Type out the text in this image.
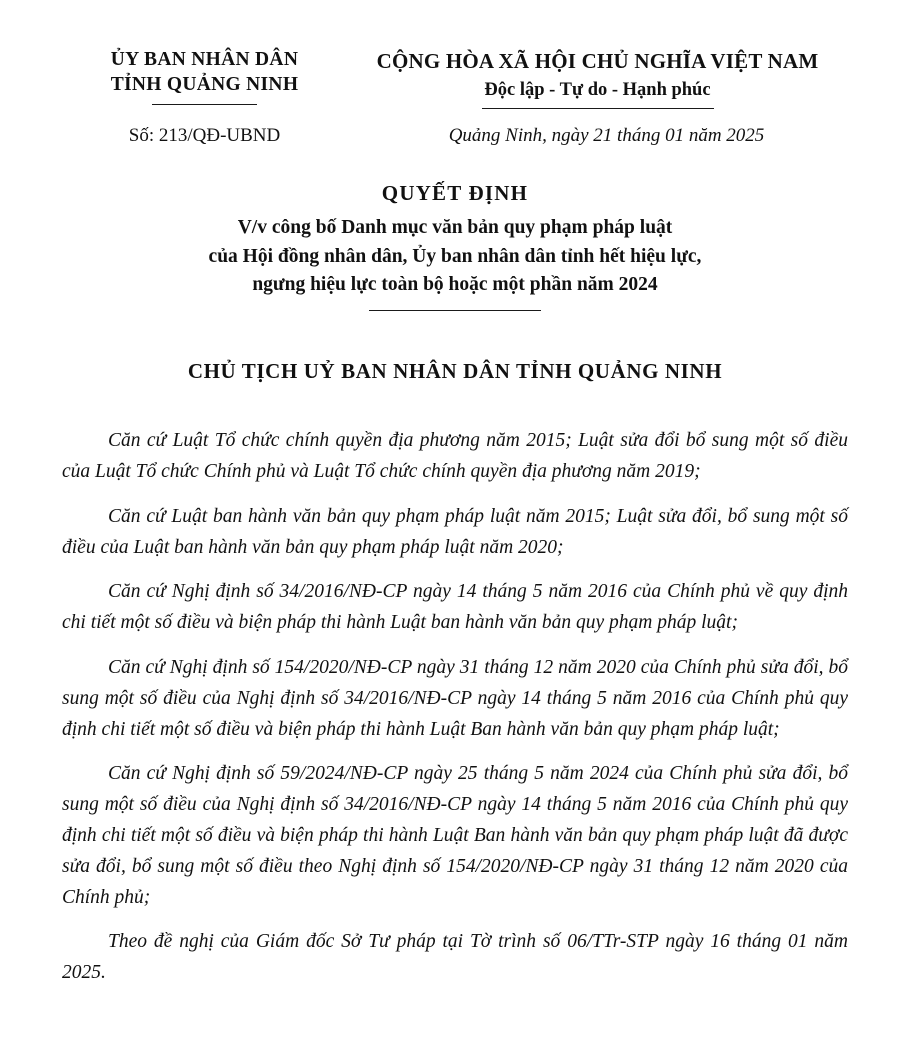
ỦY BAN NHÂN DÂN
TỈNH QUẢNG NINH
CỘNG HÒA XÃ HỘI CHỦ NGHĨA VIỆT NAM
Độc lập - Tự do - Hạnh phúc
Số: 213/QĐ-UBND	Quảng Ninh, ngày 21 tháng 01 năm 2025
QUYẾT ĐỊNH
V/v công bố Danh mục văn bản quy phạm pháp luật
của Hội đồng nhân dân, Ủy ban nhân dân tỉnh hết hiệu lực,
ngưng hiệu lực toàn bộ hoặc một phần năm 2024
CHỦ TỊCH UỶ BAN NHÂN DÂN TỈNH QUẢNG NINH
Căn cứ Luật Tổ chức chính quyền địa phương năm 2015; Luật sửa đổi bổ sung một số điều của Luật Tổ chức Chính phủ và Luật Tổ chức chính quyền địa phương năm 2019;
Căn cứ Luật ban hành văn bản quy phạm pháp luật năm 2015; Luật sửa đổi, bổ sung một số điều của Luật ban hành văn bản quy phạm pháp luật năm 2020;
Căn cứ Nghị định số 34/2016/NĐ-CP ngày 14 tháng 5 năm 2016 của Chính phủ về quy định chi tiết một số điều và biện pháp thi hành Luật ban hành văn bản quy phạm pháp luật;
Căn cứ Nghị định số 154/2020/NĐ-CP ngày 31 tháng 12 năm 2020 của Chính phủ sửa đổi, bổ sung một số điều của Nghị định số 34/2016/NĐ-CP ngày 14 tháng 5 năm 2016 của Chính phủ quy định chi tiết một số điều và biện pháp thi hành Luật Ban hành văn bản quy phạm pháp luật;
Căn cứ Nghị định số 59/2024/NĐ-CP ngày 25 tháng 5 năm 2024 của Chính phủ sửa đổi, bổ sung một số điều của Nghị định số 34/2016/NĐ-CP ngày 14 tháng 5 năm 2016 của Chính phủ quy định chi tiết một số điều và biện pháp thi hành Luật Ban hành văn bản quy phạm pháp luật đã được sửa đổi, bổ sung một số điều theo Nghị định số 154/2020/NĐ-CP ngày 31 tháng 12 năm 2020 của Chính phủ;
Theo đề nghị của Giám đốc Sở Tư pháp tại Tờ trình số 06/TTr-STP ngày 16 tháng 01 năm 2025.
